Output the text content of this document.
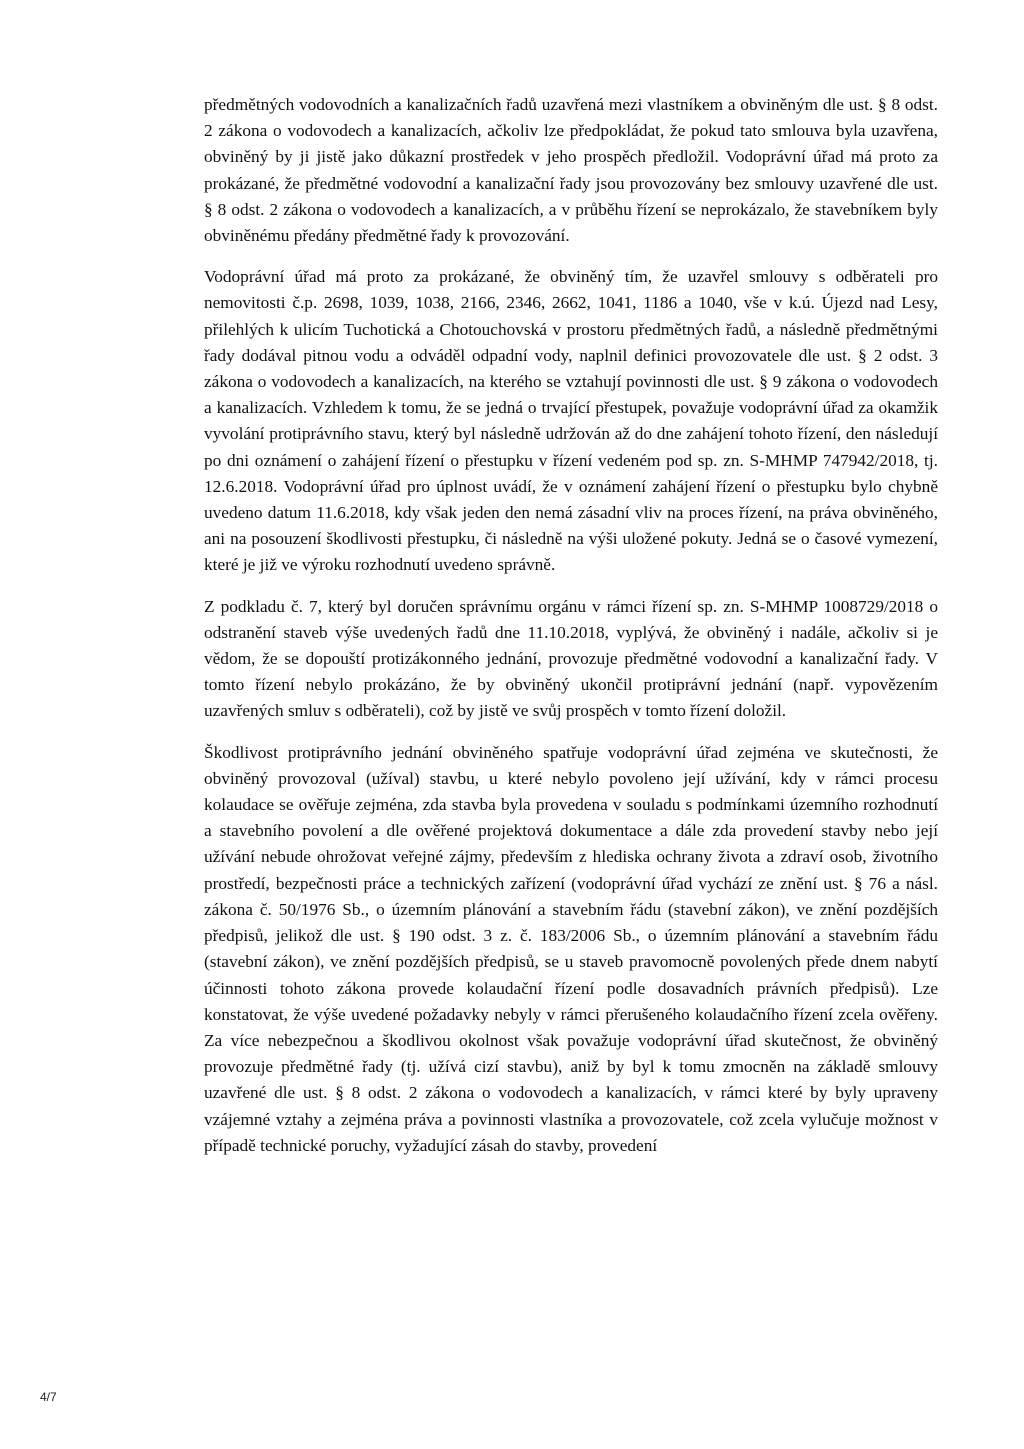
předmětných vodovodních a kanalizačních řadů uzavřená mezi vlastníkem a obviněným dle ust. § 8 odst. 2 zákona o vodovodech a kanalizacích, ačkoliv lze předpokládat, že pokud tato smlouva byla uzavřena, obviněný by ji jistě jako důkazní prostředek v jeho prospěch předložil. Vodoprávní úřad má proto za prokázané, že předmětné vodovodní a kanalizační řady jsou provozovány bez smlouvy uzavřené dle ust. § 8 odst. 2 zákona o vodovodech a kanalizacích, a v průběhu řízení se neprokázalo, že stavebníkem byly obviněnému předány předmětné řady k provozování.

Vodoprávní úřad má proto za prokázané, že obviněný tím, že uzavřel smlouvy s odběrateli pro nemovitosti č.p. 2698, 1039, 1038, 2166, 2346, 2662, 1041, 1186 a 1040, vše v k.ú. Újezd nad Lesy, přilehlých k ulicím Tuchotická a Chotouchovská v prostoru předmětných řadů, a následně předmětnými řady dodával pitnou vodu a odváděl odpadní vody, naplnil definici provozovatele dle ust. § 2 odst. 3 zákona o vodovodech a kanalizacích, na kterého se vztahují povinnosti dle ust. § 9 zákona o vodovodech a kanalizacích. Vzhledem k tomu, že se jedná o trvající přestupek, považuje vodoprávní úřad za okamžik vyvolání protiprávního stavu, který byl následně udržován až do dne zahájení tohoto řízení, den následují po dni oznámení o zahájení řízení o přestupku v řízení vedeném pod sp. zn. S-MHMP 747942/2018, tj. 12.6.2018. Vodoprávní úřad pro úplnost uvádí, že v oznámení zahájení řízení o přestupku bylo chybně uvedeno datum 11.6.2018, kdy však jeden den nemá zásadní vliv na proces řízení, na práva obviněného, ani na posouzení škodlivosti přestupku, či následně na výši uložené pokuty. Jedná se o časové vymezení, které je již ve výroku rozhodnutí uvedeno správně.

Z podkladu č. 7, který byl doručen správnímu orgánu v rámci řízení sp. zn. S-MHMP 1008729/2018 o odstranění staveb výše uvedených řadů dne 11.10.2018, vyplývá, že obviněný i nadále, ačkoliv si je vědom, že se dopouští protizákonného jednání, provozuje předmětné vodovodní a kanalizační řady. V tomto řízení nebylo prokázáno, že by obviněný ukončil protiprávní jednání (např. vypovězením uzavřených smluv s odběrateli), což by jistě ve svůj prospěch v tomto řízení doložil.

Škodlivost protiprávního jednání obviněného spatřuje vodoprávní úřad zejména ve skutečnosti, že obviněný provozoval (užíval) stavbu, u které nebylo povoleno její užívání, kdy v rámci procesu kolaudace se ověřuje zejména, zda stavba byla provedena v souladu s podmínkami územního rozhodnutí a stavebního povolení a dle ověřené projektová dokumentace a dále zda provedení stavby nebo její užívání nebude ohrožovat veřejné zájmy, především z hlediska ochrany života a zdraví osob, životního prostředí, bezpečnosti práce a technických zařízení (vodoprávní úřad vychází ze znění ust. § 76 a násl. zákona č. 50/1976 Sb., o územním plánování a stavebním řádu (stavební zákon), ve znění pozdějších předpisů, jelikož dle ust. § 190 odst. 3 z. č. 183/2006 Sb., o územním plánování a stavebním řádu (stavební zákon), ve znění pozdějších předpisů, se u staveb pravomocně povolených přede dnem nabytí účinnosti tohoto zákona provede kolaudační řízení podle dosavadních právních předpisů). Lze konstatovat, že výše uvedené požadavky nebyly v rámci přerušeného kolaudačního řízení zcela ověřeny. Za více nebezpečnou a škodlivou okolnost však považuje vodoprávní úřad skutečnost, že obviněný provozuje předmětné řady (tj. užívá cizí stavbu), aniž by byl k tomu zmocněn na základě smlouvy uzavřené dle ust. § 8 odst. 2 zákona o vodovodech a kanalizacích, v rámci které by byly upraveny vzájemné vztahy a zejména práva a povinnosti vlastníka a provozovatele, což zcela vylučuje možnost v případě technické poruchy, vyžadující zásah do stavby, provedení

4/7
